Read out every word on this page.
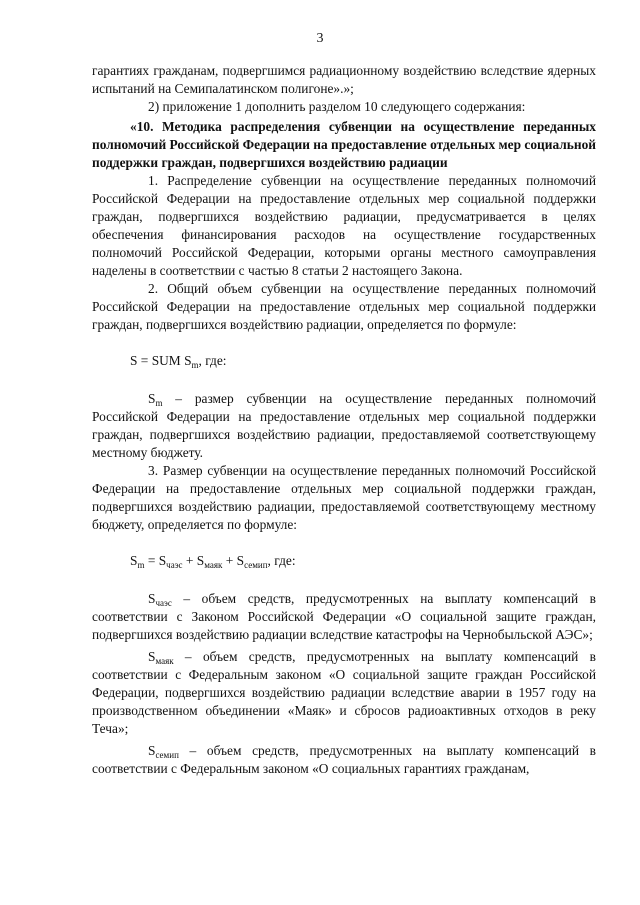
3

гарантиях гражданам, подвергшимся радиационному воздействию вследствие ядерных испытаний на Семипалатинском полигоне».»;

2) приложение 1 дополнить разделом 10 следующего содержания:

«10. Методика распределения субвенции на осуществление переданных полномочий Российской Федерации на предоставление отдельных мер социальной поддержки граждан, подвергшихся воздействию радиации

1. Распределение субвенции на осуществление переданных полномочий Российской Федерации на предоставление отдельных мер социальной поддержки граждан, подвергшихся воздействию радиации, предусматривается в целях обеспечения финансирования расходов на осуществление государственных полномочий Российской Федерации, которыми органы местного самоуправления наделены в соответствии с частью 8 статьи 2 настоящего Закона.

2. Общий объем субвенции на осуществление переданных полномочий Российской Федерации на предоставление отдельных мер социальной поддержки граждан, подвергшихся воздействию радиации, определяется по формуле:

S = SUM $S_m$, где:

$S_m$ – размер субвенции на осуществление переданных полномочий Российской Федерации на предоставление отдельных мер социальной поддержки граждан, подвергшихся воздействию радиации, предоставляемой соответствующему местному бюджету.

3. Размер субвенции на осуществление переданных полномочий Российской Федерации на предоставление отдельных мер социальной поддержки граждан, подвергшихся воздействию радиации, предоставляемой соответствующему местному бюджету, определяется по формуле:

$S_m = S_{чаэс} + S_{маяк} + S_{семип}$, где:

$S_{чаэс}$ – объем средств, предусмотренных на выплату компенсаций в соответствии с Законом Российской Федерации «О социальной защите граждан, подвергшихся воздействию радиации вследствие катастрофы на Чернобыльской АЭС»;

$S_{маяк}$ – объем средств, предусмотренных на выплату компенсаций в соответствии с Федеральным законом «О социальной защите граждан Российской Федерации, подвергшихся воздействию радиации вследствие аварии в 1957 году на производственном объединении «Маяк» и сбросов радиоактивных отходов в реку Теча»;

$S_{семип}$ – объем средств, предусмотренных на выплату компенсаций в соответствии с Федеральным законом «О социальных гарантиях гражданам,
